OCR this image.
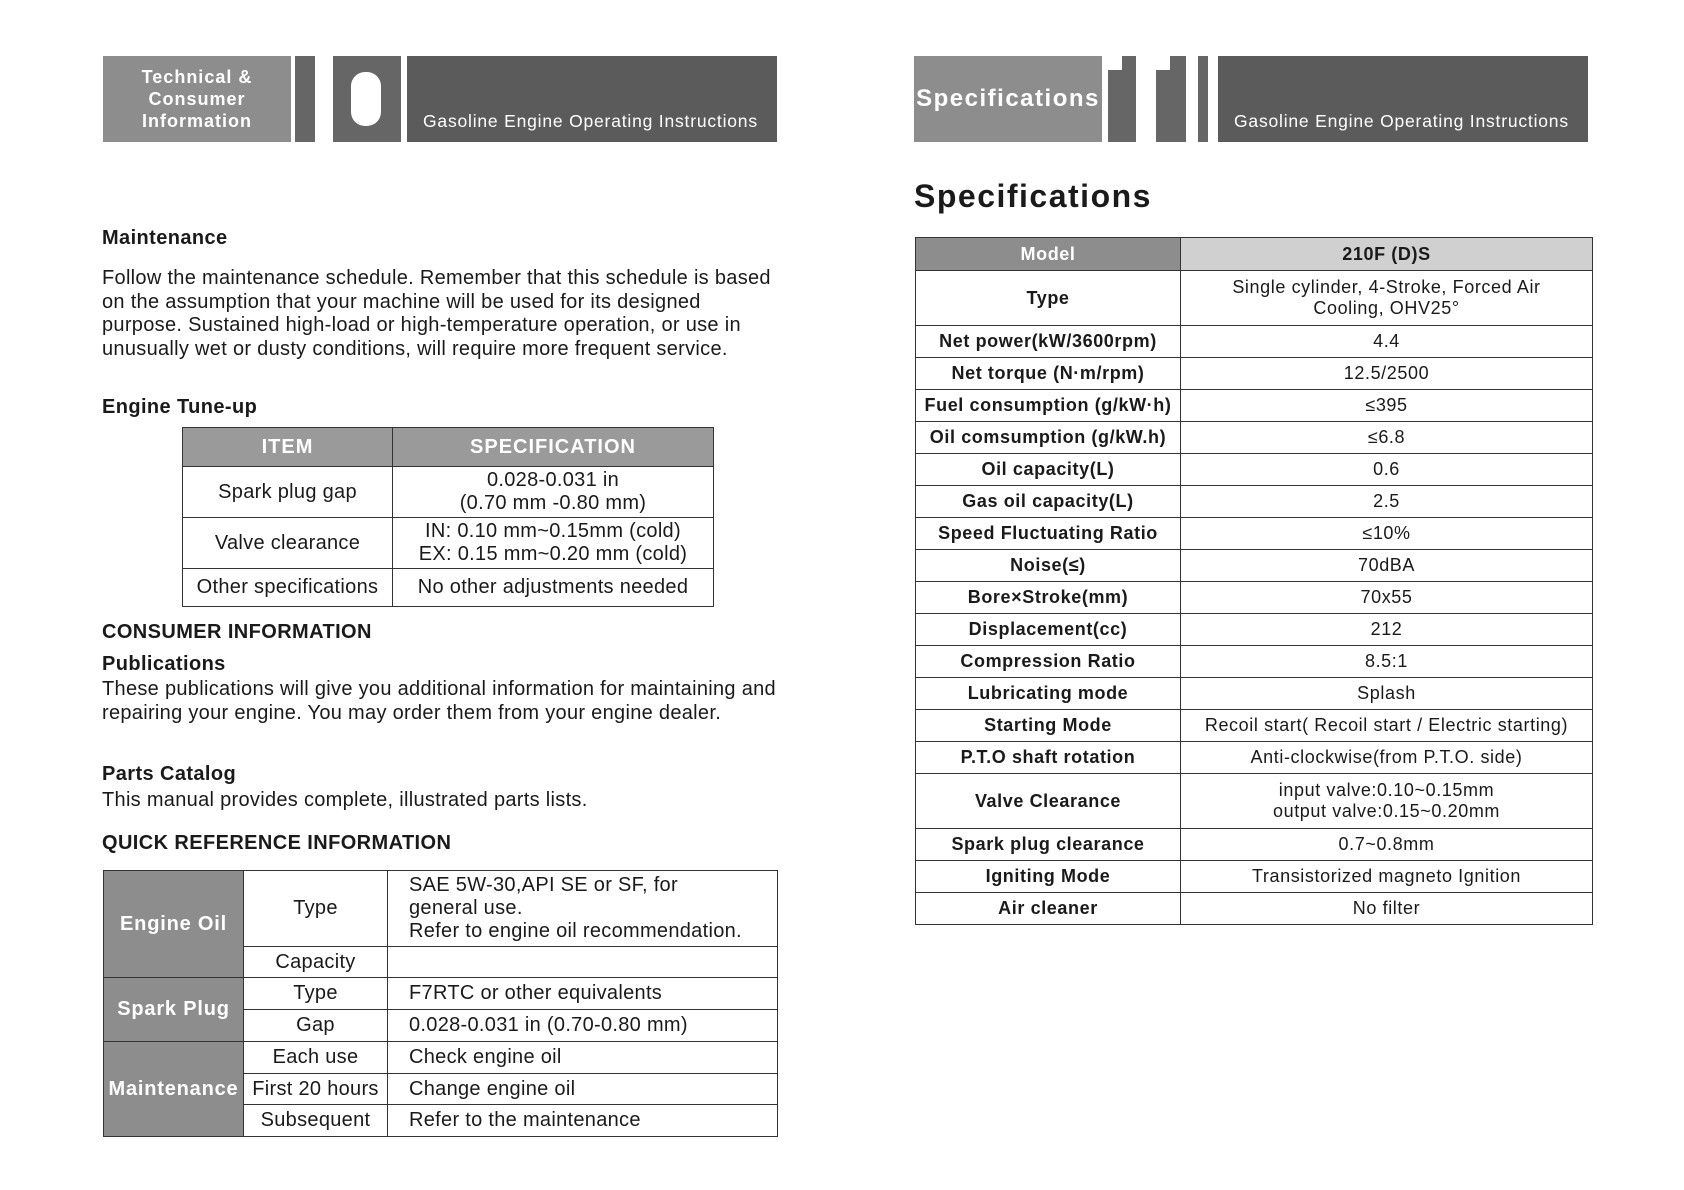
Technical & Consumer Information	Gasoline Engine Operating Instructions
Specifications
Gasoline Engine Operating Instructions
Maintenance
Follow the maintenance schedule. Remember that this schedule is based on the assumption that your machine will be used for its designed purpose. Sustained high-load or high-temperature operation, or use in unusually wet or dusty conditions, will require more frequent service.
Engine Tune-up
ITEM	SPECIFICATION
Spark plug gap	0.028-0.031 in
(0.70 mm -0.80 mm)

Valve clearance	IN: 0.10 mm~0.15mm (cold)
EX: 0.15 mm~0.20 mm (cold)

Other specifications	No other adjustments needed
CONSUMER INFORMATION
Publications
These publications will give you additional information for maintaining and repairing your engine. You may order them from your engine dealer.
Parts Catalog
This manual provides complete, illustrated parts lists.
QUICK REFERENCE INFORMATION
Engine Oil	Type	SAE 5W-30,API SE or SF, for
general use.
Refer to engine oil recommendation.

	Capacity	
Spark Plug	Type	F7RTC or other equivalents
	Gap	0.028-0.031 in (0.70-0.80 mm)
Maintenance	Each use	Check engine oil
	First 20 hours	Change engine oil
	Subsequent	Refer to the maintenance
Specifications
Model	210F (D)S
Type	Single cylinder, 4-Stroke, Forced Air
Cooling, OHV25°

Net power(kW/3600rpm)	4.4

Net torque (N·m/rpm)	12.5/2500

Fuel consumption (g/kW·h)	≤395

Oil comsumption (g/kW.h)	≤6.8

Oil capacity(L)	0.6

Gas oil capacity(L)	2.5

Speed Fluctuating Ratio	≤10%

Noise(≤)	70dBA

Bore×Stroke(mm)	70x55

Displacement(cc)	212

Compression Ratio	8.5:1

Lubricating mode	Splash

Starting Mode	Recoil start( Recoil start / Electric starting)

P.T.O shaft rotation	Anti-clockwise(from P.T.O. side)

Valve Clearance	input valve:0.10~0.15mm
output valve:0.15~0.20mm

Spark plug clearance	0.7~0.8mm

Igniting Mode	Transistorized magneto Ignition

Air cleaner	No filter
